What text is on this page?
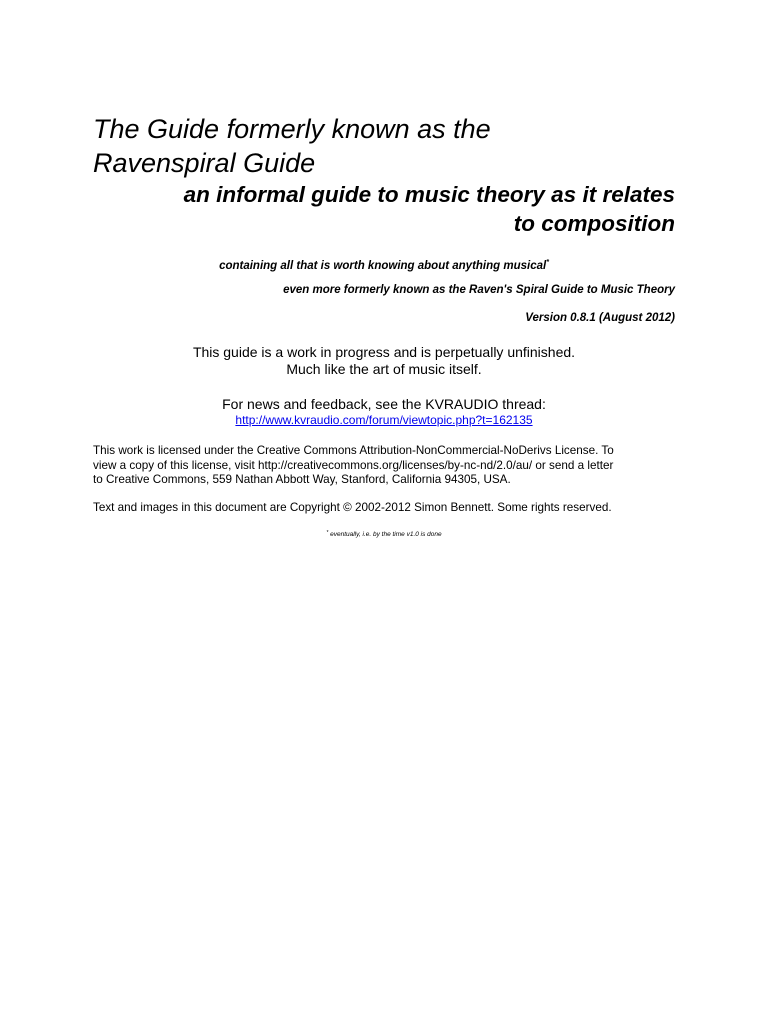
The Guide formerly known as the
Ravenspiral Guide
an informal guide to music theory as it relates
to composition
containing all that is worth knowing about anything musical*
even more formerly known as the Raven's Spiral Guide to Music Theory
Version 0.8.1 (August 2012)
This guide is a work in progress and is perpetually unfinished.
Much like the art of music itself.
For news and feedback, see the KVRAUDIO thread:
http://www.kvraudio.com/forum/viewtopic.php?t=162135

This work is licensed under the Creative Commons Attribution-NonCommercial-NoDerivs License. To
view a copy of this license, visit http://creativecommons.org/licenses/by-nc-nd/2.0/au/ or send a letter
to Creative Commons, 559 Nathan Abbott Way, Stanford, California 94305, USA.

Text and images in this document are Copyright © 2002-2012 Simon Bennett. Some rights reserved.

* eventually, i.e. by the time v1.0 is done
